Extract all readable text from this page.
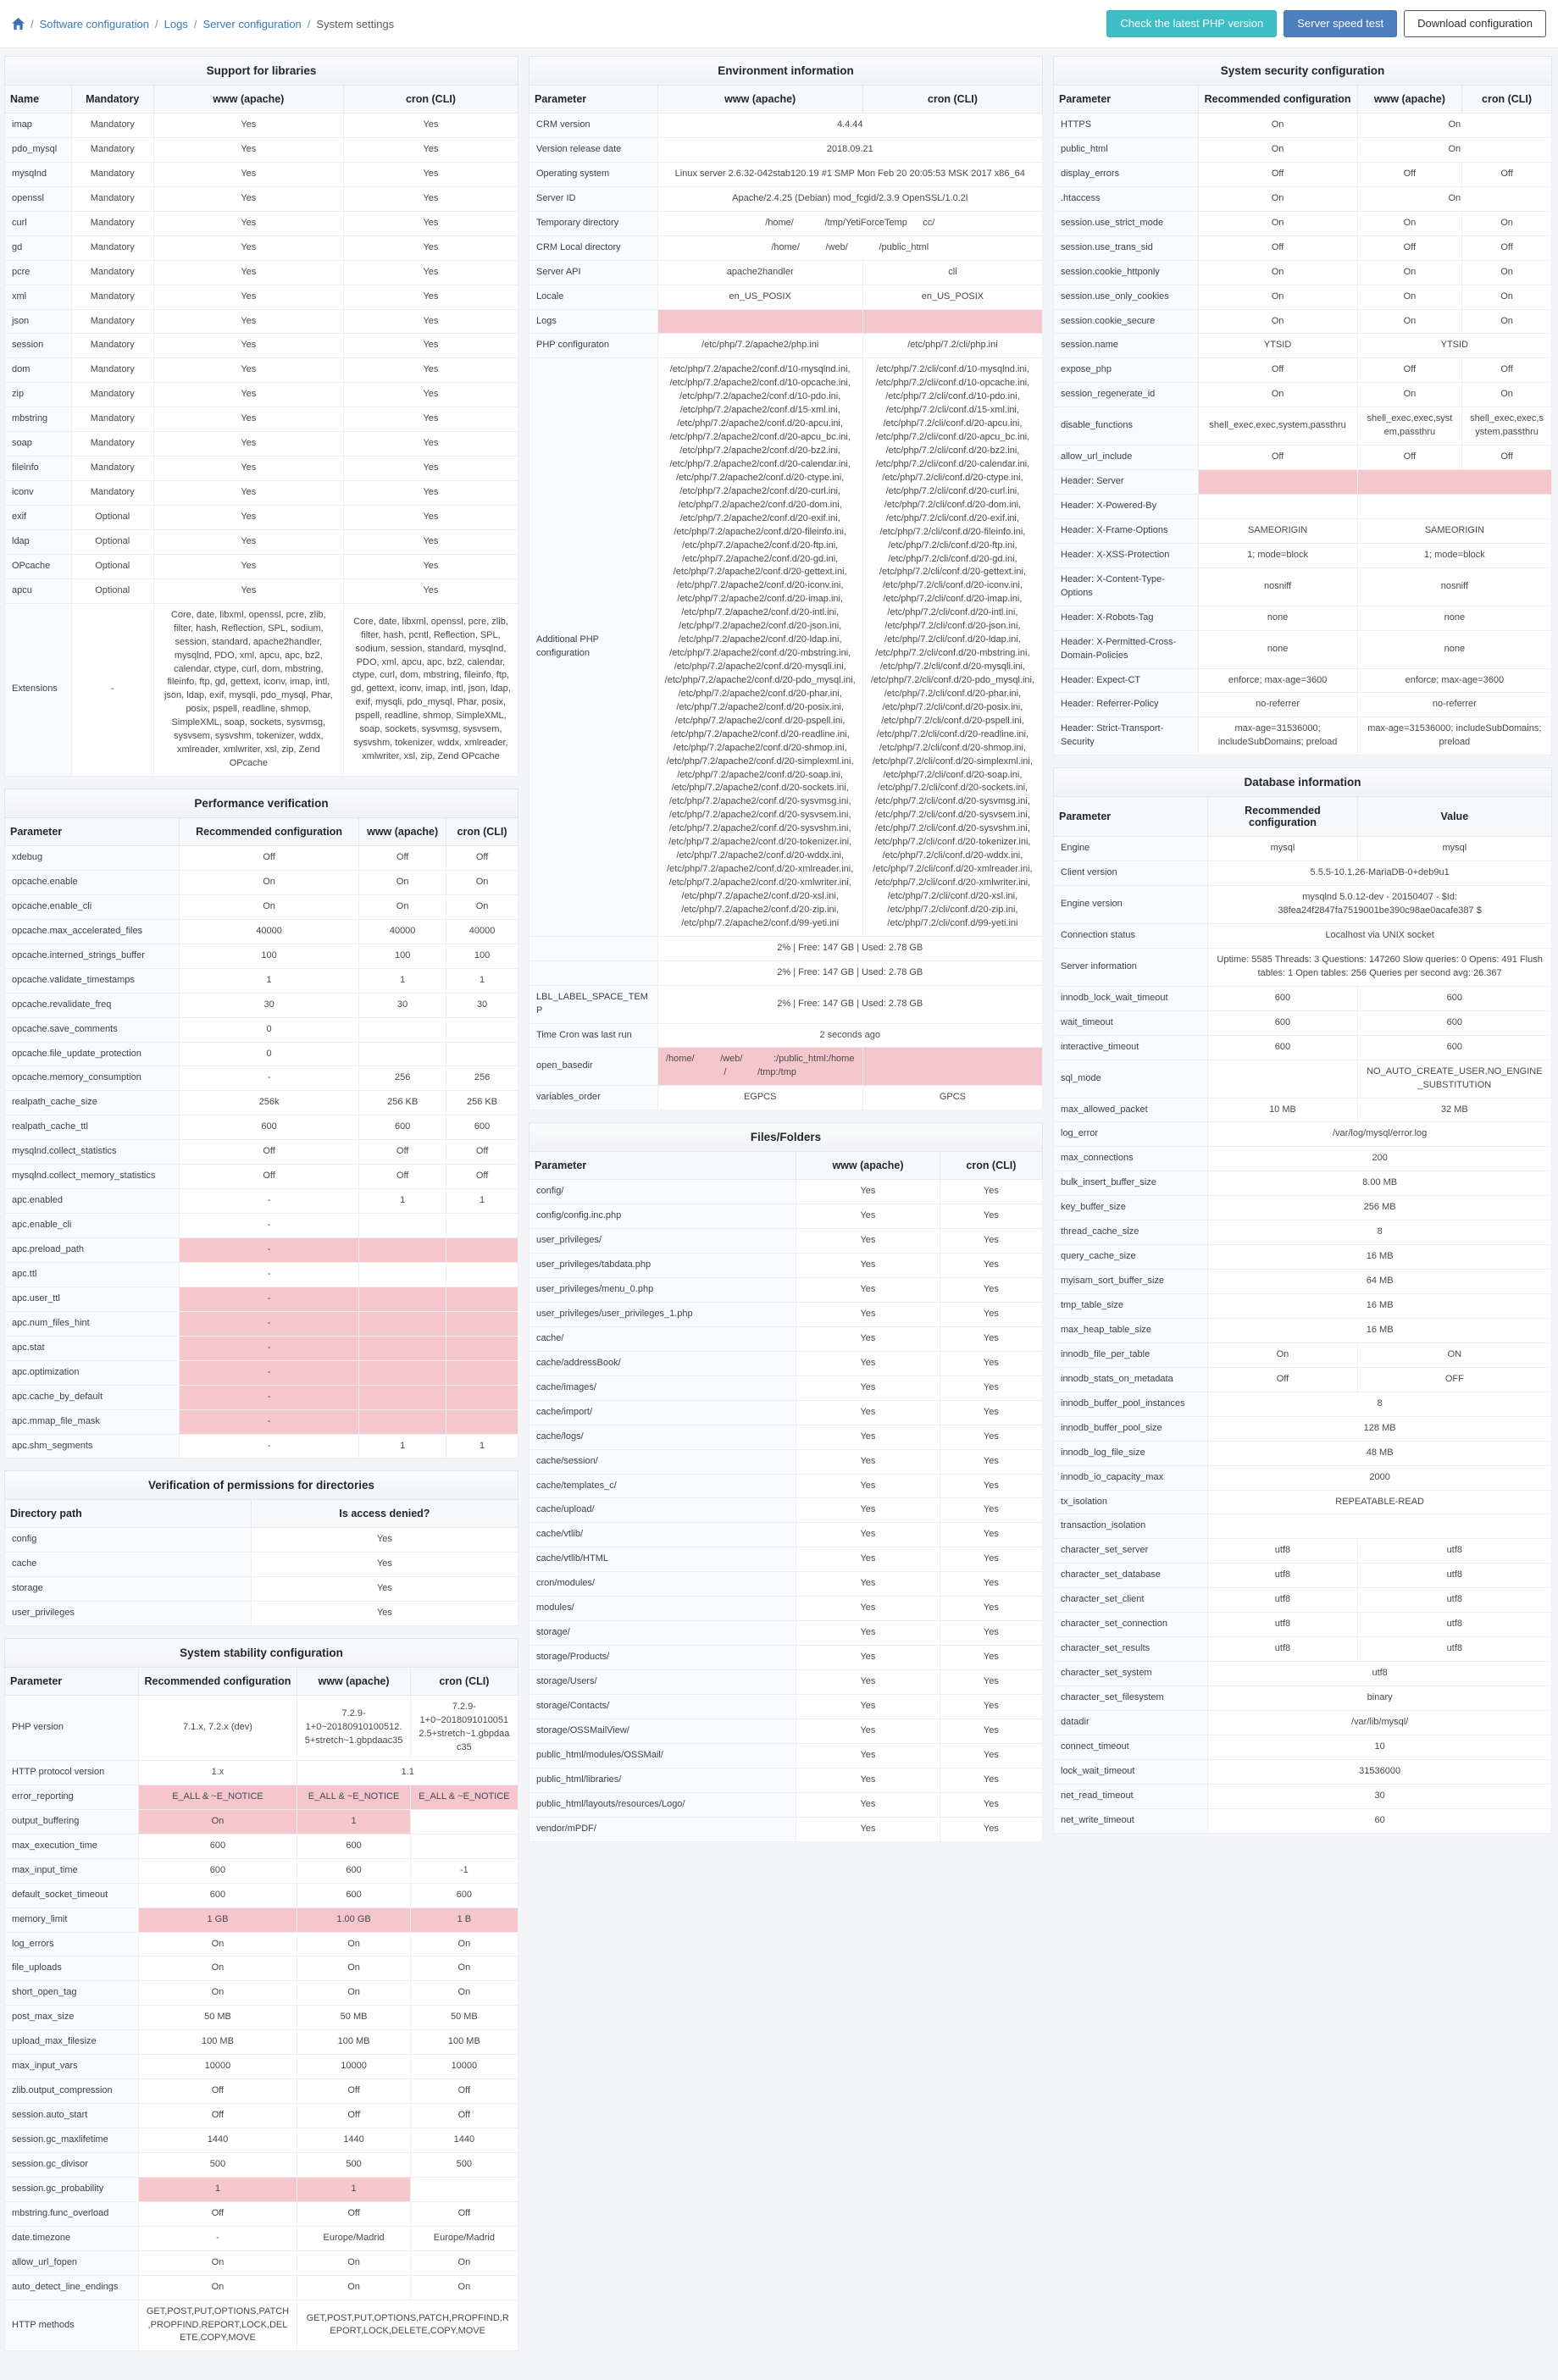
/ Software configuration / Logs / Server configuration / System settings	Check the latest PHP version	Server speed test	Download configuration
Support for libraries			
Name	Mandatory	www (apache)	cron (CLI)
imap	Mandatory	Yes	Yes
pdo_mysql	Mandatory	Yes	Yes
mysqlnd	Mandatory	Yes	Yes
openssl	Mandatory	Yes	Yes
curl	Mandatory	Yes	Yes
gd	Mandatory	Yes	Yes
pcre	Mandatory	Yes	Yes
xml	Mandatory	Yes	Yes
json	Mandatory	Yes	Yes
session	Mandatory	Yes	Yes
dom	Mandatory	Yes	Yes
zip	Mandatory	Yes	Yes
mbstring	Mandatory	Yes	Yes
soap	Mandatory	Yes	Yes
fileinfo	Mandatory	Yes	Yes
iconv	Mandatory	Yes	Yes
exif	Optional	Yes	Yes
ldap	Optional	Yes	Yes
OPcache	Optional	Yes	Yes
apcu	Optional	Yes	Yes
Extensions	-	Core, date, libxml, openssl, pcre, zlib, filter, hash, Reflection, SPL, sodium, session, standard, apache2handler, mysqlnd, PDO, xml, apcu, apc, bz2, calendar, ctype, curl, dom, mbstring, fileinfo, ftp, gd, gettext, iconv, imap, intl, json, ldap, exif, mysqli, pdo_mysql, Phar, posix, pspell, readline, shmop, SimpleXML, soap, sockets, sysvmsg, sysvsem, sysvshm, tokenizer, wddx, xmlreader, xmlwriter, xsl, zip, Zend OPcache	Core, date, libxml, openssl, pcre, zlib, filter, hash, pcntl, Reflection, SPL, sodium, session, standard, mysqlnd, PDO, xml, apcu, apc, bz2, calendar, ctype, curl, dom, mbstring, fileinfo, ftp, gd, gettext, iconv, imap, intl, json, ldap, exif, mysqli, pdo_mysql, Phar, posix, pspell, readline, shmop, SimpleXML, soap, sockets, sysvmsg, sysvsem, sysvshm, tokenizer, wddx, xmlreader, xmlwriter, xsl, zip, Zend OPcache
Performance verification			
Parameter	Recommended configuration	www (apache)	cron (CLI)
xdebug	Off	Off	Off
opcache.enable	On	On	On
opcache.enable_cli	On	On	On
opcache.max_accelerated_files	40000	40000	40000
opcache.interned_strings_buffer	100	100	100
opcache.validate_timestamps	1	1	1
opcache.revalidate_freq	30	30	30
opcache.save_comments	0		
opcache.file_update_protection	0		
opcache.memory_consumption	-	256	256
realpath_cache_size	256k	256 KB	256 KB
realpath_cache_ttl	600	600	600
mysqlnd.collect_statistics	Off	Off	Off
mysqlnd.collect_memory_statistics	Off	Off	Off
apc.enabled	-	1	1
apc.enable_cli	-		
apc.preload_path	-		
apc.ttl	-		
apc.user_ttl	-		
apc.num_files_hint	-		
apc.stat	-		
apc.optimization	-		
apc.cache_by_default	-		
apc.mmap_file_mask	-		
apc.shm_segments	-	1	1
Verification of permissions for directories	
Directory path	Is access denied?
config	Yes
cache	Yes
storage	Yes
user_privileges	Yes
System stability configuration			
Parameter	Recommended configuration	www (apache)	cron (CLI)
PHP version	7.1.x, 7.2.x (dev)	7.2.9-1+0~20180910100512.5+stretch~1.gbpdaac35	7.2.9-1+0~20180910100512.5+stretch~1.gbpdaac35
HTTP protocol version	1.x	1.1	
error_reporting	E_ALL & ~E_NOTICE	E_ALL & ~E_NOTICE	E_ALL & ~E_NOTICE
output_buffering	On	1	
max_execution_time	600	600	
max_input_time	600	600	-1
default_socket_timeout	600	600	600
memory_limit	1 GB	1.00 GB	1 B
log_errors	On	On	On
file_uploads	On	On	On
short_open_tag	On	On	On
post_max_size	50 MB	50 MB	50 MB
upload_max_filesize	100 MB	100 MB	100 MB
max_input_vars	10000	10000	10000
zlib.output_compression	Off	Off	Off
session.auto_start	Off	Off	Off
session.gc_maxlifetime	1440	1440	1440
session.gc_divisor	500	500	500
session.gc_probability	1	1	
mbstring.func_overload	Off	Off	Off
date.timezone	-	Europe/Madrid	Europe/Madrid
allow_url_fopen	On	On	On
auto_detect_line_endings	On	On	On
HTTP methods	GET,POST,PUT,OPTIONS,PATCH,PROPFIND,REPORT,LOCK,DELETE,COPY,MOVE	GET,POST,PUT,OPTIONS,PATCH,PROPFIND,REPORT,LOCK,DELETE,COPY,MOVE	
Environment information		
Parameter	www (apache)	cron (CLI)
CRM version	4.4.44	
Version release date	2018.09.21	
Operating system	Linux server 2.6.32-042stab120.19 #1 SMP Mon Feb 20 20:05:53 MSK 2017 x86_64	
Server ID	Apache/2.4.25 (Debian) mod_fcgid/2.3.9 OpenSSL/1.0.2l	
Temporary directory	/home/            /tmp/YetiForceTemp      cc/	
CRM Local directory	/home/          /web/            /public_html	
Server API	apache2handler	cli
Locale	en_US_POSIX	en_US_POSIX
Logs		
PHP configuraton	/etc/php/7.2/apache2/php.ini	/etc/php/7.2/cli/php.ini
Additional PHP configuration	/etc/php/7.2/apache2/conf.d/10-mysqlnd.ini, /etc/php/7.2/apache2/conf.d/10-opcache.ini, /etc/php/7.2/apache2/conf.d/10-pdo.ini, /etc/php/7.2/apache2/conf.d/15-xml.ini, /etc/php/7.2/apache2/conf.d/20-apcu.ini, /etc/php/7.2/apache2/conf.d/20-apcu_bc.ini, /etc/php/7.2/apache2/conf.d/20-bz2.ini, /etc/php/7.2/apache2/conf.d/20-calendar.ini, /etc/php/7.2/apache2/conf.d/20-ctype.ini, /etc/php/7.2/apache2/conf.d/20-curl.ini, /etc/php/7.2/apache2/conf.d/20-dom.ini, /etc/php/7.2/apache2/conf.d/20-exif.ini, /etc/php/7.2/apache2/conf.d/20-fileinfo.ini, /etc/php/7.2/apache2/conf.d/20-ftp.ini, /etc/php/7.2/apache2/conf.d/20-gd.ini, /etc/php/7.2/apache2/conf.d/20-gettext.ini, /etc/php/7.2/apache2/conf.d/20-iconv.ini, /etc/php/7.2/apache2/conf.d/20-imap.ini, /etc/php/7.2/apache2/conf.d/20-intl.ini, /etc/php/7.2/apache2/conf.d/20-json.ini, /etc/php/7.2/apache2/conf.d/20-ldap.ini, /etc/php/7.2/apache2/conf.d/20-mbstring.ini, /etc/php/7.2/apache2/conf.d/20-mysqli.ini, /etc/php/7.2/apache2/conf.d/20-pdo_mysql.ini, /etc/php/7.2/apache2/conf.d/20-phar.ini, /etc/php/7.2/apache2/conf.d/20-posix.ini, /etc/php/7.2/apache2/conf.d/20-pspell.ini, /etc/php/7.2/apache2/conf.d/20-readline.ini, /etc/php/7.2/apache2/conf.d/20-shmop.ini, /etc/php/7.2/apache2/conf.d/20-simplexml.ini, /etc/php/7.2/apache2/conf.d/20-soap.ini, /etc/php/7.2/apache2/conf.d/20-sockets.ini, /etc/php/7.2/apache2/conf.d/20-sysvmsg.ini, /etc/php/7.2/apache2/conf.d/20-sysvsem.ini, /etc/php/7.2/apache2/conf.d/20-sysvshm.ini, /etc/php/7.2/apache2/conf.d/20-tokenizer.ini, /etc/php/7.2/apache2/conf.d/20-wddx.ini, /etc/php/7.2/apache2/conf.d/20-xmlreader.ini, /etc/php/7.2/apache2/conf.d/20-xmlwriter.ini, /etc/php/7.2/apache2/conf.d/20-xsl.ini, /etc/php/7.2/apache2/conf.d/20-zip.ini, /etc/php/7.2/apache2/conf.d/99-yeti.ini	/etc/php/7.2/cli/conf.d/10-mysqlnd.ini, /etc/php/7.2/cli/conf.d/10-opcache.ini, /etc/php/7.2/cli/conf.d/10-pdo.ini, /etc/php/7.2/cli/conf.d/15-xml.ini, /etc/php/7.2/cli/conf.d/20-apcu.ini, /etc/php/7.2/cli/conf.d/20-apcu_bc.ini, /etc/php/7.2/cli/conf.d/20-bz2.ini, /etc/php/7.2/cli/conf.d/20-calendar.ini, /etc/php/7.2/cli/conf.d/20-ctype.ini, /etc/php/7.2/cli/conf.d/20-curl.ini, /etc/php/7.2/cli/conf.d/20-dom.ini, /etc/php/7.2/cli/conf.d/20-exif.ini, /etc/php/7.2/cli/conf.d/20-fileinfo.ini, /etc/php/7.2/cli/conf.d/20-ftp.ini, /etc/php/7.2/cli/conf.d/20-gd.ini, /etc/php/7.2/cli/conf.d/20-gettext.ini, /etc/php/7.2/cli/conf.d/20-iconv.ini, /etc/php/7.2/cli/conf.d/20-imap.ini, /etc/php/7.2/cli/conf.d/20-intl.ini, /etc/php/7.2/cli/conf.d/20-json.ini, /etc/php/7.2/cli/conf.d/20-ldap.ini, /etc/php/7.2/cli/conf.d/20-mbstring.ini, /etc/php/7.2/cli/conf.d/20-mysqli.ini, /etc/php/7.2/cli/conf.d/20-pdo_mysql.ini, /etc/php/7.2/cli/conf.d/20-phar.ini, /etc/php/7.2/cli/conf.d/20-posix.ini, /etc/php/7.2/cli/conf.d/20-pspell.ini, /etc/php/7.2/cli/conf.d/20-readline.ini, /etc/php/7.2/cli/conf.d/20-shmop.ini, /etc/php/7.2/cli/conf.d/20-simplexml.ini, /etc/php/7.2/cli/conf.d/20-soap.ini, /etc/php/7.2/cli/conf.d/20-sockets.ini, /etc/php/7.2/cli/conf.d/20-sysvmsg.ini, /etc/php/7.2/cli/conf.d/20-sysvsem.ini, /etc/php/7.2/cli/conf.d/20-sysvshm.ini, /etc/php/7.2/cli/conf.d/20-tokenizer.ini, /etc/php/7.2/cli/conf.d/20-wddx.ini, /etc/php/7.2/cli/conf.d/20-xmlreader.ini, /etc/php/7.2/cli/conf.d/20-xmlwriter.ini, /etc/php/7.2/cli/conf.d/20-xsl.ini, /etc/php/7.2/cli/conf.d/20-zip.ini, /etc/php/7.2/cli/conf.d/99-yeti.ini
	2% | Free: 147 GB | Used: 2.78 GB	
	2% | Free: 147 GB | Used: 2.78 GB	
LBL_LABEL_SPACE_TEMP	2% | Free: 147 GB | Used: 2.78 GB	
Time Cron was last run	2 seconds ago	
open_basedir	/home/          /web/            :/public_html:/home/            /tmp:/tmp	
variables_order	EGPCS	GPCS
Files/Folders		
Parameter	www (apache)	cron (CLI)
config/	Yes	Yes
config/config.inc.php	Yes	Yes
user_privileges/	Yes	Yes
user_privileges/tabdata.php	Yes	Yes
user_privileges/menu_0.php	Yes	Yes
user_privileges/user_privileges_1.php	Yes	Yes
cache/	Yes	Yes
cache/addressBook/	Yes	Yes
cache/images/	Yes	Yes
cache/import/	Yes	Yes
cache/logs/	Yes	Yes
cache/session/	Yes	Yes
cache/templates_c/	Yes	Yes
cache/upload/	Yes	Yes
cache/vtlib/	Yes	Yes
cache/vtlib/HTML	Yes	Yes
cron/modules/	Yes	Yes
modules/	Yes	Yes
storage/	Yes	Yes
storage/Products/	Yes	Yes
storage/Users/	Yes	Yes
storage/Contacts/	Yes	Yes
storage/OSSMailView/	Yes	Yes
public_html/modules/OSSMail/	Yes	Yes
public_html/libraries/	Yes	Yes
public_html/layouts/resources/Logo/	Yes	Yes
vendor/mPDF/	Yes	Yes
System security configuration			
Parameter	Recommended configuration	www (apache)	cron (CLI)
HTTPS	On	On	
public_html	On	On	
display_errors	Off	Off	Off
.htaccess	On	On	
session.use_strict_mode	On	On	On
session.use_trans_sid	Off	Off	Off
session.cookie_httponly	On	On	On
session.use_only_cookies	On	On	On
session.cookie_secure	On	On	On
session.name	YTSID	YTSID	
expose_php	Off	Off	Off
session_regenerate_id	On	On	On
disable_functions	shell_exec,exec,system,passthru	shell_exec,exec,system,passthru	shell_exec,exec,system,passthru
allow_url_include	Off	Off	Off
Header: Server			
Header: X-Powered-By			
Header: X-Frame-Options	SAMEORIGIN	SAMEORIGIN	
Header: X-XSS-Protection	1; mode=block	1; mode=block	
Header: X-Content-Type-Options	nosniff	nosniff	
Header: X-Robots-Tag	none	none	
Header: X-Permitted-Cross-Domain-Policies	none	none	
Header: Expect-CT	enforce; max-age=3600	enforce; max-age=3600	
Header: Referrer-Policy	no-referrer	no-referrer	
Header: Strict-Transport-Security	max-age=31536000; includeSubDomains; preload	max-age=31536000; includeSubDomains; preload	
Database information		
Parameter	Recommended configuration	Value
Engine	mysql	mysql
Client version	5.5.5-10.1.26-MariaDB-0+deb9u1	
Engine version	mysqlnd 5.0.12-dev - 20150407 - $Id: 38fea24f2847fa7519001be390c98ae0acafe387 $	
Connection status	Localhost via UNIX socket	
Server information	Uptime: 5585 Threads: 3 Questions: 147260 Slow queries: 0 Opens: 491 Flush tables: 1 Open tables: 256 Queries per second avg: 26.367	
innodb_lock_wait_timeout	600	600
wait_timeout	600	600
interactive_timeout	600	600
sql_mode		NO_AUTO_CREATE_USER,NO_ENGINE_SUBSTITUTION
max_allowed_packet	10 MB	32 MB
log_error	/var/log/mysql/error.log	
max_connections	200	
bulk_insert_buffer_size	8.00 MB	
key_buffer_size	256 MB	
thread_cache_size	8	
query_cache_size	16 MB	
myisam_sort_buffer_size	64 MB	
tmp_table_size	16 MB	
max_heap_table_size	16 MB	
innodb_file_per_table	On	ON
innodb_stats_on_metadata	Off	OFF
innodb_buffer_pool_instances	8	
innodb_buffer_pool_size	128 MB	
innodb_log_file_size	48 MB	
innodb_io_capacity_max	2000	
tx_isolation	REPEATABLE-READ	
transaction_isolation		
character_set_server	utf8	utf8
character_set_database	utf8	utf8
character_set_client	utf8	utf8
character_set_connection	utf8	utf8
character_set_results	utf8	utf8
character_set_system	utf8	
character_set_filesystem	binary	
datadir	/var/lib/mysql/	
connect_timeout	10	
lock_wait_timeout	31536000	
net_read_timeout	30	
net_write_timeout	60	
